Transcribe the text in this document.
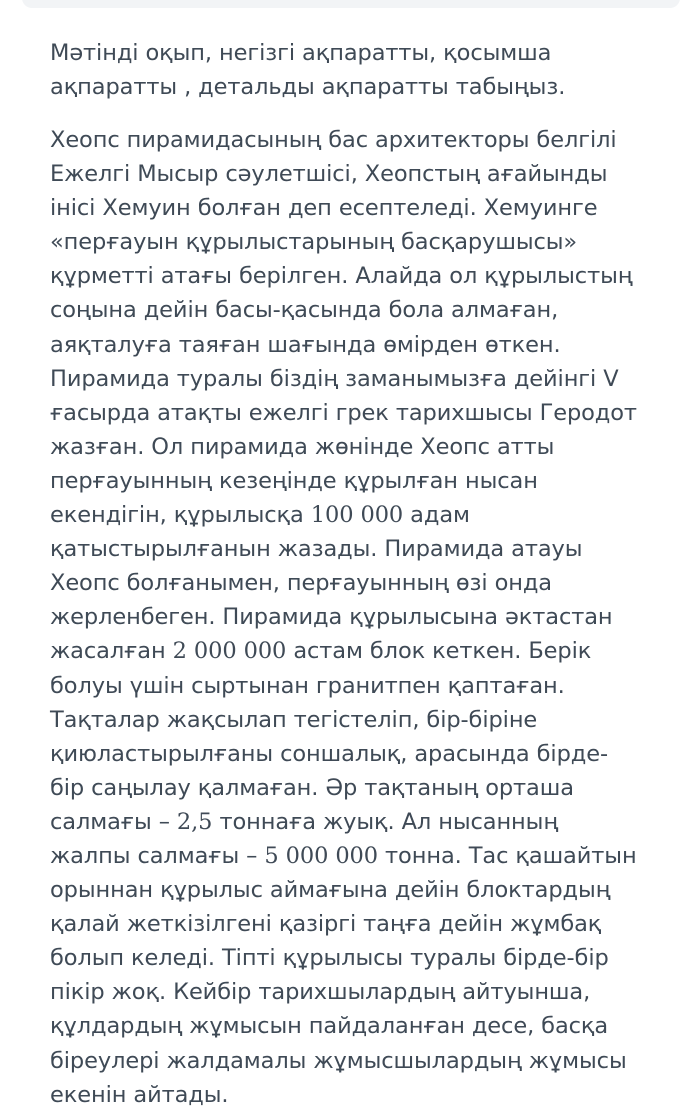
Мәтінді оқып, негізгі ақпаратты, қосымша
ақпаратты , детальды ақпаратты табыңыз.

Хеопс пирамидасының бас архитекторы белгілі
Ежелгі Мысыр сәулетшісі, Хеопстың ағайынды
інісі Хемуин болған деп есептеледі. Хемуинге
«перғауын құрылыстарының басқарушысы»
құрметті атағы берілген. Алайда ол құрылыстың
соңына дейін басы-қасында бола алмаған,
аяқталуға таяған шағында өмірден өткен.
Пирамида туралы біздің заманымызға дейінгі V
ғасырда атақты ежелгі грек тарихшысы Геродот
жазған. Ол пирамида жөнінде Хеопс атты
перғауынның кезеңінде құрылған нысан
екендігін, құрылысқа 100 000 адам
қатыстырылғанын жазады. Пирамида атауы
Хеопс болғанымен, перғауынның өзі онда
жерленбеген. Пирамида құрылысына әктастан
жасалған 2 000 000 астам блок кеткен. Берік
болуы үшін сыртынан гранитпен қаптаған.
Тақталар жақсылап тегістеліп, бір-біріне
қиюластырылғаны соншалық, арасында бірде-
бір саңылау қалмаған. Әр тақтаның орташа
салмағы – 2,5 тоннаға жуық. Ал нысанның
жалпы салмағы – 5 000 000 тонна. Тас қашайтын
орыннан құрылыс аймағына дейін блоктардың
қалай жеткізілгені қазіргі таңға дейін жұмбақ
болып келеді. Тіпті құрылысы туралы бірде-бір
пікір жоқ. Кейбір тарихшылардың айтуынша,
құлдардың жұмысын пайдаланған десе, басқа
біреулері жалдамалы жұмысшылардың жұмысы
екенін айтады.
